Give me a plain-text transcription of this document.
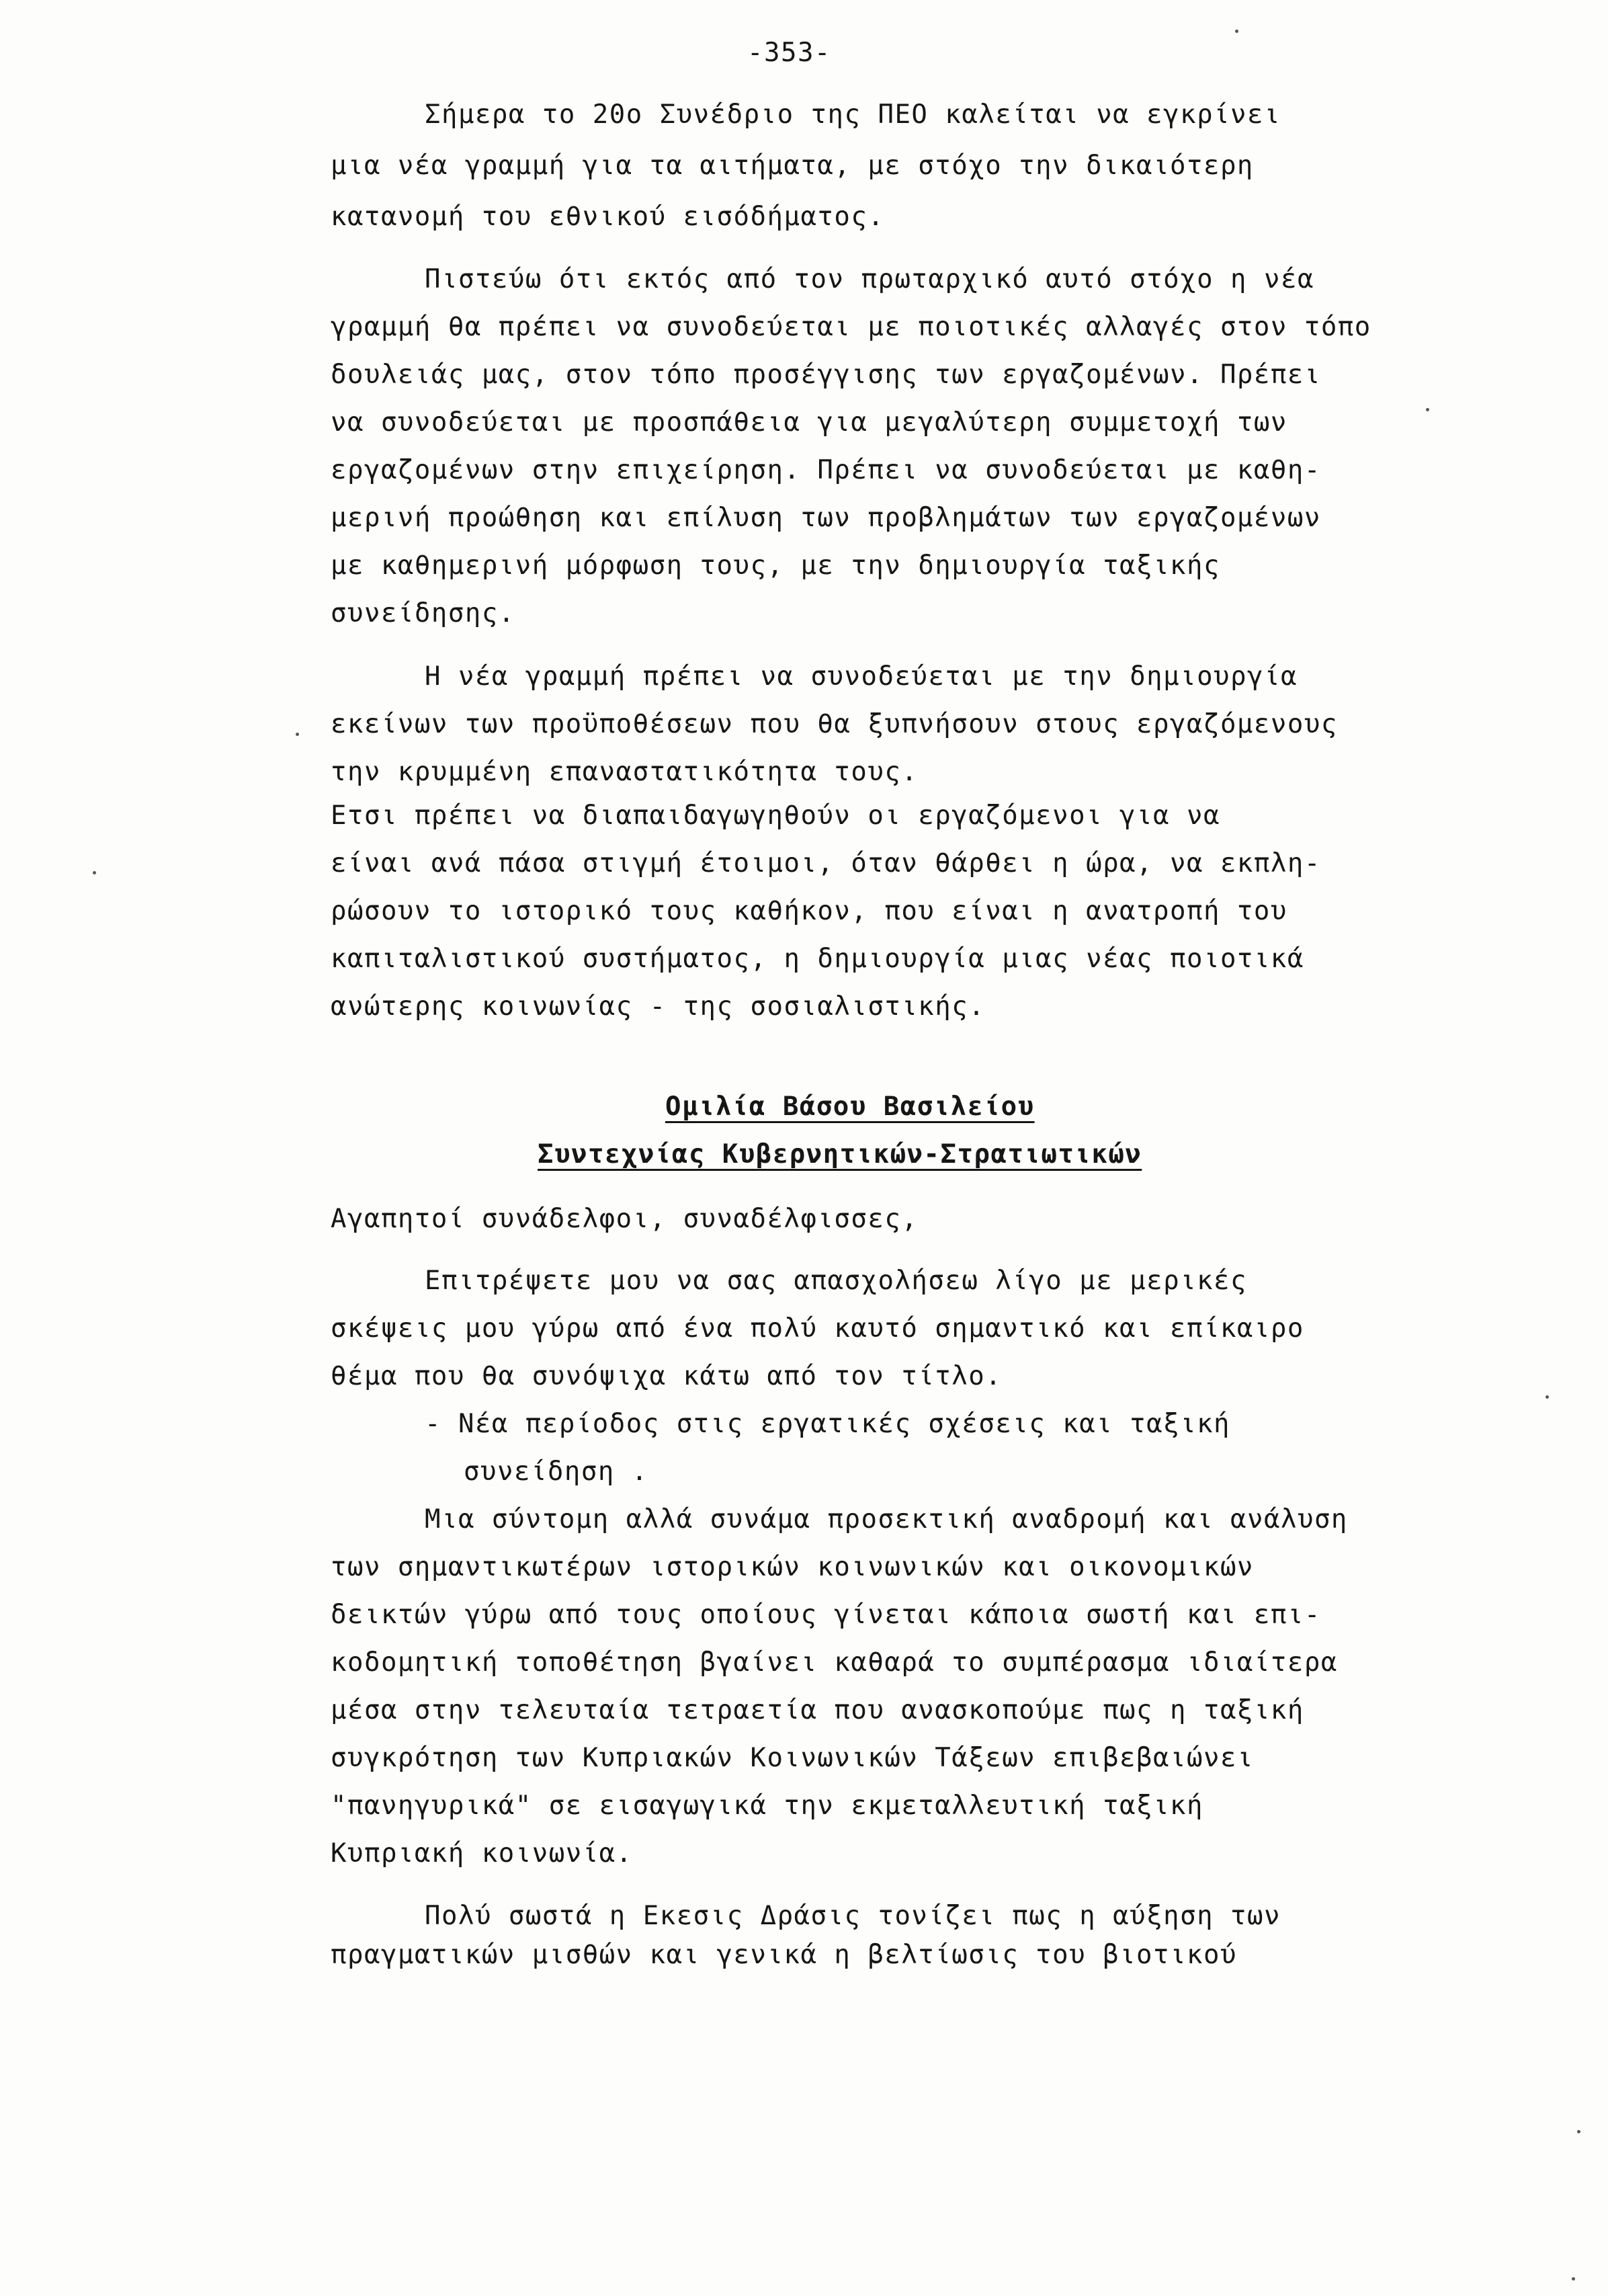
-353-
Σήμερα το 20ο Συνέδριο της ΠΕΟ καλείται να εγκρίνει
μια νέα γραμμή για τα αιτήματα, με στόχο την δικαιότερη
κατανομή του εθνικού εισόδήματος.
Πιστεύω ότι εκτός από τον πρωταρχικό αυτό στόχο η νέα
γραμμή θα πρέπει να συνοδεύεται με ποιοτικές αλλαγές στον τόπο
δουλειάς μας, στον τόπο προσέγγισης των εργαζομένων. Πρέπει
να συνοδεύεται με προσπάθεια για μεγαλύτερη συμμετοχή των
εργαζομένων στην επιχείρηση. Πρέπει να συνοδεύεται με καθη-
μερινή προώθηση και επίλυση των προβλημάτων των εργαζομένων
με καθημερινή μόρφωση τους, με την δημιουργία ταξικής
συνείδησης.
Η νέα γραμμή πρέπει να συνοδεύεται με την δημιουργία
εκείνων των προϋποθέσεων που θα ξυπνήσουν στους εργαζόμενους
την κρυμμένη επαναστατικότητα τους.
Ετσι πρέπει να διαπαιδαγωγηθούν οι εργαζόμενοι για να
είναι ανά πάσα στιγμή έτοιμοι, όταν θάρθει η ώρα, να εκπλη-
ρώσουν το ιστορικό τους καθήκον, που είναι η ανατροπή του
καπιταλιστικού συστήματος, η δημιουργία μιας νέας ποιοτικά
ανώτερης κοινωνίας - της σοσιαλιστικής.
Ομιλία Βάσου Βασιλείου
Συντεχνίας Κυβερνητικών-Στρατιωτικών
Αγαπητοί συνάδελφοι, συναδέλφισσες,
Επιτρέψετε μου να σας απασχολήσεω λίγο με μερικές
σκέψεις μου γύρω από ένα πολύ καυτό σημαντικό και επίκαιρο
θέμα που θα συνόψιχα κάτω από τον τίτλο.
- Νέα περίοδος στις εργατικές σχέσεις και ταξική
συνείδηση .
Μια σύντομη αλλά συνάμα προσεκτική αναδρομή και ανάλυση
των σημαντικωτέρων ιστορικών κοινωνικών και οικονομικών
δεικτών γύρω από τους οποίους γίνεται κάποια σωστή και επι-
κοδομητική τοποθέτηση βγαίνει καθαρά το συμπέρασμα ιδιαίτερα
μέσα στην τελευταία τετραετία που ανασκοπούμε πως η ταξική
συγκρότηση των Κυπριακών Κοινωνικών Τάξεων επιβεβαιώνει
"πανηγυρικά" σε εισαγωγικά την εκμεταλλευτική ταξική
Κυπριακή κοινωνία.
Πολύ σωστά η Εκεσις Δράσις τονίζει πως η αύξηση των
πραγματικών μισθών και γενικά η βελτίωσις του βιοτικού
